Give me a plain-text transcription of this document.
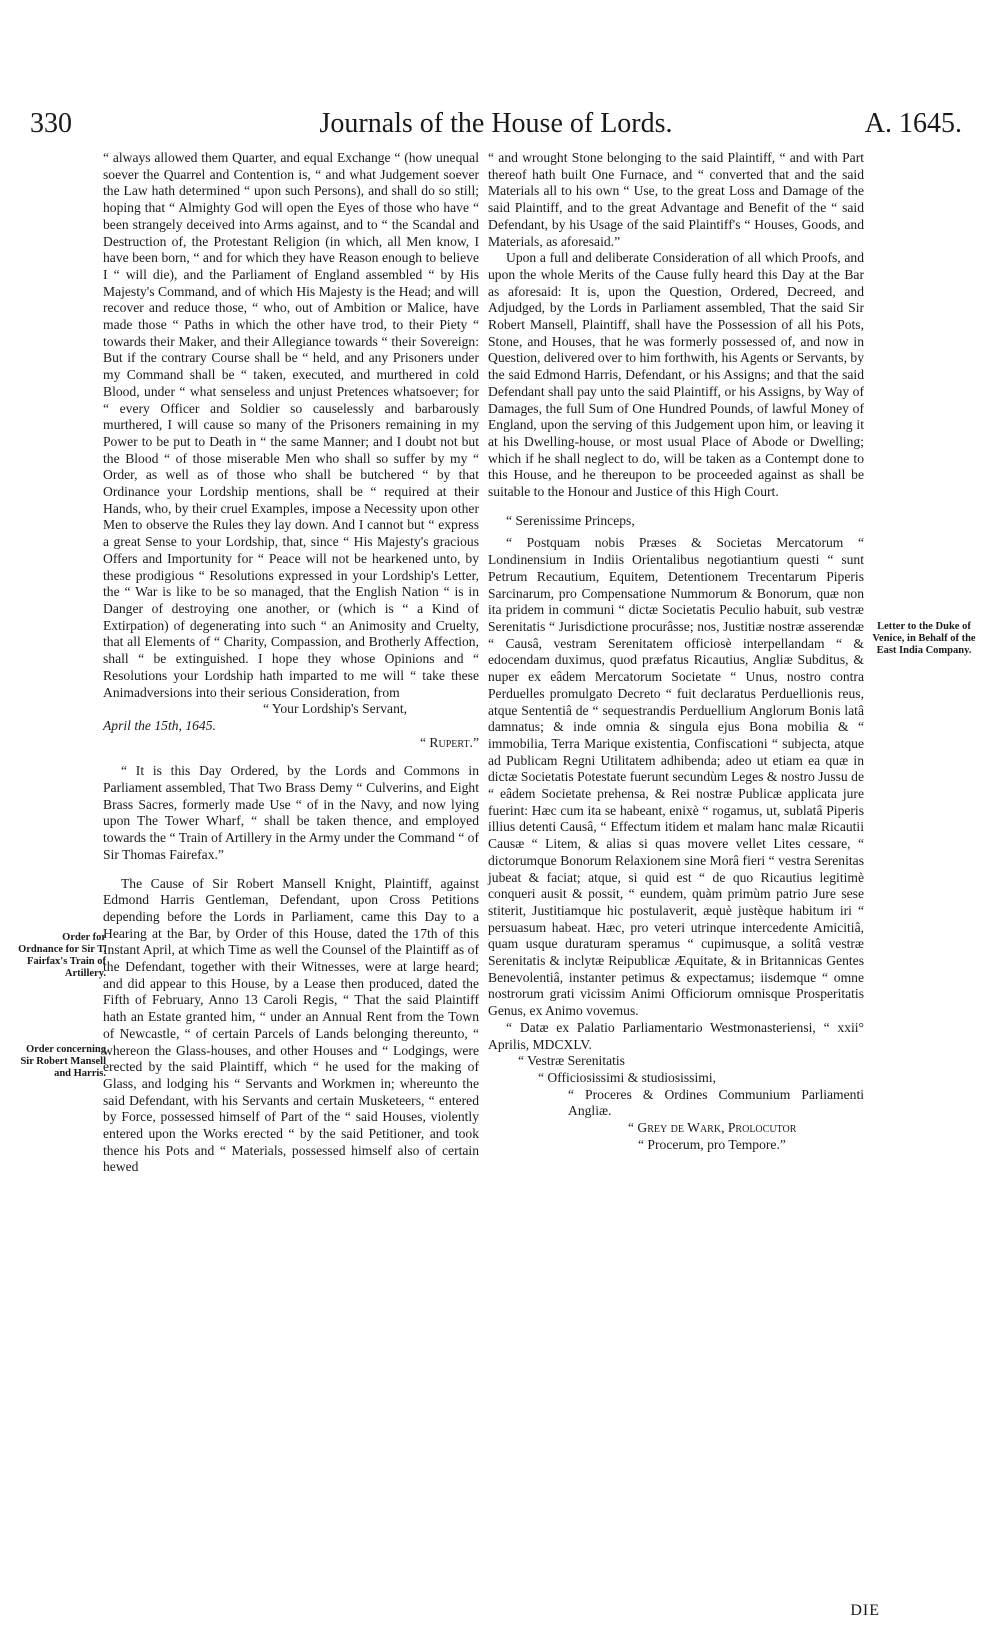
330	Journals of the House of Lords.	A. 1645.
Order for Ordnance for Sir T. Fairfax's Train of Artillery.
Order concerning Sir Robert Mansell and Harris.
Letter to the Duke of Venice, in Behalf of the East India Company.

“ always allowed them Quarter, and equal Exchange “ (how unequal soever the Quarrel and Contention is, “ and what Judgement soever the Law hath determined “ upon such Persons), and shall do so still; hoping that “ Almighty God will open the Eyes of those who have “ been strangely deceived into Arms against, and to “ the Scandal and Destruction of, the Protestant Religion (in which, all Men know, I have been born, “ and for which they have Reason enough to believe I “ will die), and the Parliament of England assembled “ by His Majesty's Command, and of which His Majesty is the Head; and will recover and reduce those, “ who, out of Ambition or Malice, have made those “ Paths in which the other have trod, to their Piety “ towards their Maker, and their Allegiance towards “ their Sovereign: But if the contrary Course shall be “ held, and any Prisoners under my Command shall be “ taken, executed, and murthered in cold Blood, under “ what senseless and unjust Pretences whatsoever; for “ every Officer and Soldier so causelessly and barbarously murthered, I will cause so many of the Prisoners remaining in my Power to be put to Death in “ the same Manner; and I doubt not but the Blood “ of those miserable Men who shall so suffer by my “ Order, as well as of those who shall be butchered “ by that Ordinance your Lordship mentions, shall be “ required at their Hands, who, by their cruel Examples, impose a Necessity upon other Men to observe the Rules they lay down. And I cannot but “ express a great Sense to your Lordship, that, since “ His Majesty's gracious Offers and Importunity for “ Peace will not be hearkened unto, by these prodigious “ Resolutions expressed in your Lordship's Letter, the “ War is like to be so managed, that the English Nation “ is in Danger of destroying one another, or (which is “ a Kind of Extirpation) of degenerating into such “ an Animosity and Cruelty, that all Elements of “ Charity, Compassion, and Brotherly Affection, shall “ be extinguished. I hope they whose Opinions and “ Resolutions your Lordship hath imparted to me will “ take these Animadversions into their serious Consideration, from

“ Your Lordship's Servant,

April the 15th, 1645.

“ Rupert.”

“ It is this Day Ordered, by the Lords and Commons in Parliament assembled, That Two Brass Demy “ Culverins, and Eight Brass Sacres, formerly made Use “ of in the Navy, and now lying upon The Tower Wharf, “ shall be taken thence, and employed towards the “ Train of Artillery in the Army under the Command “ of Sir Thomas Fairefax.”

The Cause of Sir Robert Mansell Knight, Plaintiff, against Edmond Harris Gentleman, Defendant, upon Cross Petitions depending before the Lords in Parliament, came this Day to a Hearing at the Bar, by Order of this House, dated the 17th of this Instant April, at which Time as well the Counsel of the Plaintiff as of the Defendant, together with their Witnesses, were at large heard; and did appear to this House, by a Lease then produced, dated the Fifth of February, Anno 13 Caroli Regis, “ That the said Plaintiff hath an Estate granted him, “ under an Annual Rent from the Town of Newcastle, “ of certain Parcels of Lands belonging thereunto, “ whereon the Glass-houses, and other Houses and “ Lodgings, were erected by the said Plaintiff, which “ he used for the making of Glass, and lodging his “ Servants and Workmen in; whereunto the said Defendant, with his Servants and certain Musketeers, “ entered by Force, possessed himself of Part of the “ said Houses, violently entered upon the Works erected “ by the said Petitioner, and took thence his Pots and “ Materials, possessed himself also of certain hewed

“ and wrought Stone belonging to the said Plaintiff, “ and with Part thereof hath built One Furnace, and “ converted that and the said Materials all to his own “ Use, to the great Loss and Damage of the said Plaintiff, and to the great Advantage and Benefit of the “ said Defendant, by his Usage of the said Plaintiff's “ Houses, Goods, and Materials, as aforesaid.”

Upon a full and deliberate Consideration of all which Proofs, and upon the whole Merits of the Cause fully heard this Day at the Bar as aforesaid: It is, upon the Question, Ordered, Decreed, and Adjudged, by the Lords in Parliament assembled, That the said Sir Robert Mansell, Plaintiff, shall have the Possession of all his Pots, Stone, and Houses, that he was formerly possessed of, and now in Question, delivered over to him forthwith, his Agents or Servants, by the said Edmond Harris, Defendant, or his Assigns; and that the said Defendant shall pay unto the said Plaintiff, or his Assigns, by Way of Damages, the full Sum of One Hundred Pounds, of lawful Money of England, upon the serving of this Judgement upon him, or leaving it at his Dwelling-house, or most usual Place of Abode or Dwelling; which if he shall neglect to do, will be taken as a Contempt done to this House, and he thereupon to be proceeded against as shall be suitable to the Honour and Justice of this High Court.

“ Serenissime Princeps,

“ Postquam nobis Præses & Societas Mercatorum “ Londinensium in Indiis Orientalibus negotiantium questi “ sunt Petrum Recautium, Equitem, Detentionem Trecentarum Piperis Sarcinarum, pro Compensatione Nummorum & Bonorum, quæ non ita pridem in communi “ dictæ Societatis Peculio habuit, sub vestræ Serenitatis “ Jurisdictione procurâsse; nos, Justitiæ nostræ asserendæ “ Causâ, vestram Serenitatem officiosè interpellandam “ & edocendam duximus, quod præfatus Ricautius, Angliæ Subditus, & nuper ex eâdem Mercatorum Societate “ Unus, nostro contra Perduelles promulgato Decreto “ fuit declaratus Perduellionis reus, atque Sententiâ de “ sequestrandis Perduellium Anglorum Bonis latâ damnatus; & inde omnia & singula ejus Bona mobilia & “ immobilia, Terra Marique existentia, Confiscationi “ subjecta, atque ad Publicam Regni Utilitatem adhibenda; adeo ut etiam ea quæ in dictæ Societatis Potestate fuerunt secundùm Leges & nostro Jussu de “ eâdem Societate prehensa, & Rei nostræ Publicæ applicata jure fuerint: Hæc cum ita se habeant, enixè “ rogamus, ut, sublatâ Piperis illius detenti Causâ, “ Effectum itidem et malam hanc malæ Ricautii Causæ “ Litem, & alias si quas movere vellet Lites cessare, “ dictorumque Bonorum Relaxionem sine Morâ fieri “ vestra Serenitas jubeat & faciat; atque, si quid est “ de quo Ricautius legitimè conqueri ausit & possit, “ eundem, quàm primùm patrio Jure sese stiterit, Justitiamque hic postulaverit, æquè justèque habitum iri “ persuasum habeat. Hæc, pro veteri utrinque intercedente Amicitiâ, quam usque duraturam speramus “ cupimusque, a solitâ vestræ Serenitatis & inclytæ Reipublicæ Æquitate, & in Britannicas Gentes Benevolentiâ, instanter petimus & expectamus; iisdemque “ omne nostrorum grati vicissim Animi Officiorum omnisque Prosperitatis Genus, ex Animo vovemus.

“ Datæ ex Palatio Parliamentario Westmonasteriensi, “ xxii° Aprilis, MDCXLV.

“ Vestræ Serenitatis

“ Officiosissimi & studiosissimi,

“ Proceres & Ordines Communium Parliamenti Angliæ.

“ Grey de Wark, Prolocutor

“ Procerum, pro Tempore.”

DIE
